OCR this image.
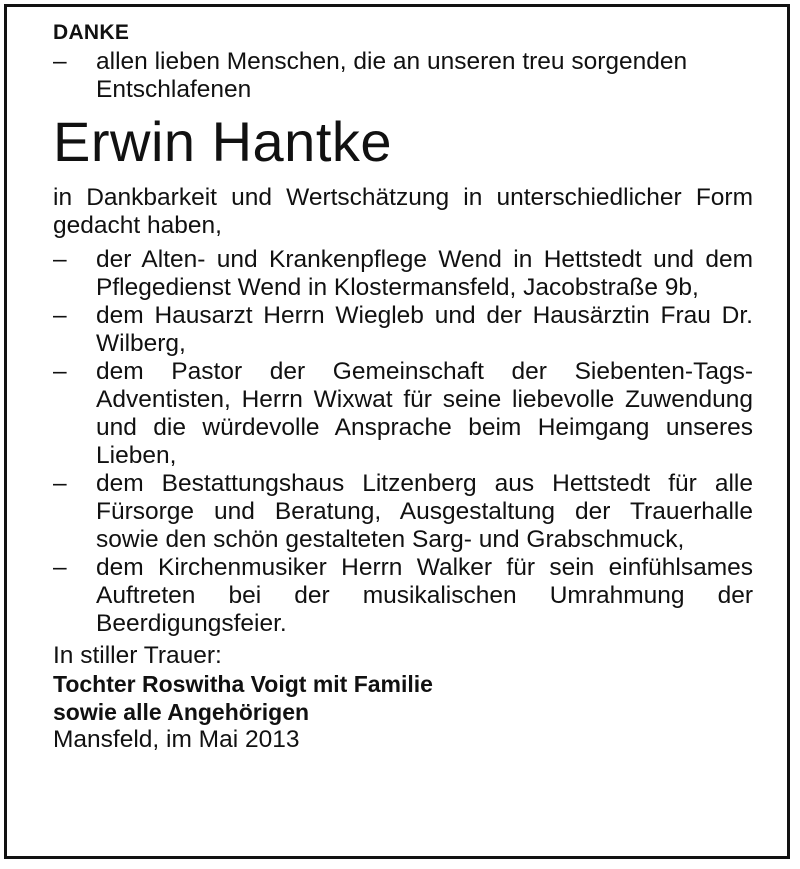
DANKE
–	allen lieben Menschen, die an unseren treu sorgenden Entschlafenen
Erwin Hantke
in Dankbarkeit und Wertschätzung in unterschiedlicher Form gedacht haben,
–	der Alten- und Krankenpflege Wend in Hettstedt und dem Pflegedienst Wend in Klostermansfeld, Jacobstraße 9b,
–	dem Hausarzt Herrn Wiegleb und der Hausärztin Frau Dr. Wilberg,
–	dem Pastor der Gemeinschaft der Siebenten-Tags-Adventisten, Herrn Wixwat für seine liebevolle Zuwendung und die würdevolle Ansprache beim Heimgang unseres Lieben,
–	dem Bestattungshaus Litzenberg aus Hettstedt für alle Fürsorge und Beratung, Ausgestaltung der Trauerhalle sowie den schön gestalteten Sarg- und Grabschmuck,
–	dem Kirchenmusiker Herrn Walker für sein einfühlsames Auftreten bei der musikalischen Umrahmung der Beerdigungsfeier.
In stiller Trauer:
Tochter Roswitha Voigt mit Familie
sowie alle Angehörigen
Mansfeld, im Mai 2013
